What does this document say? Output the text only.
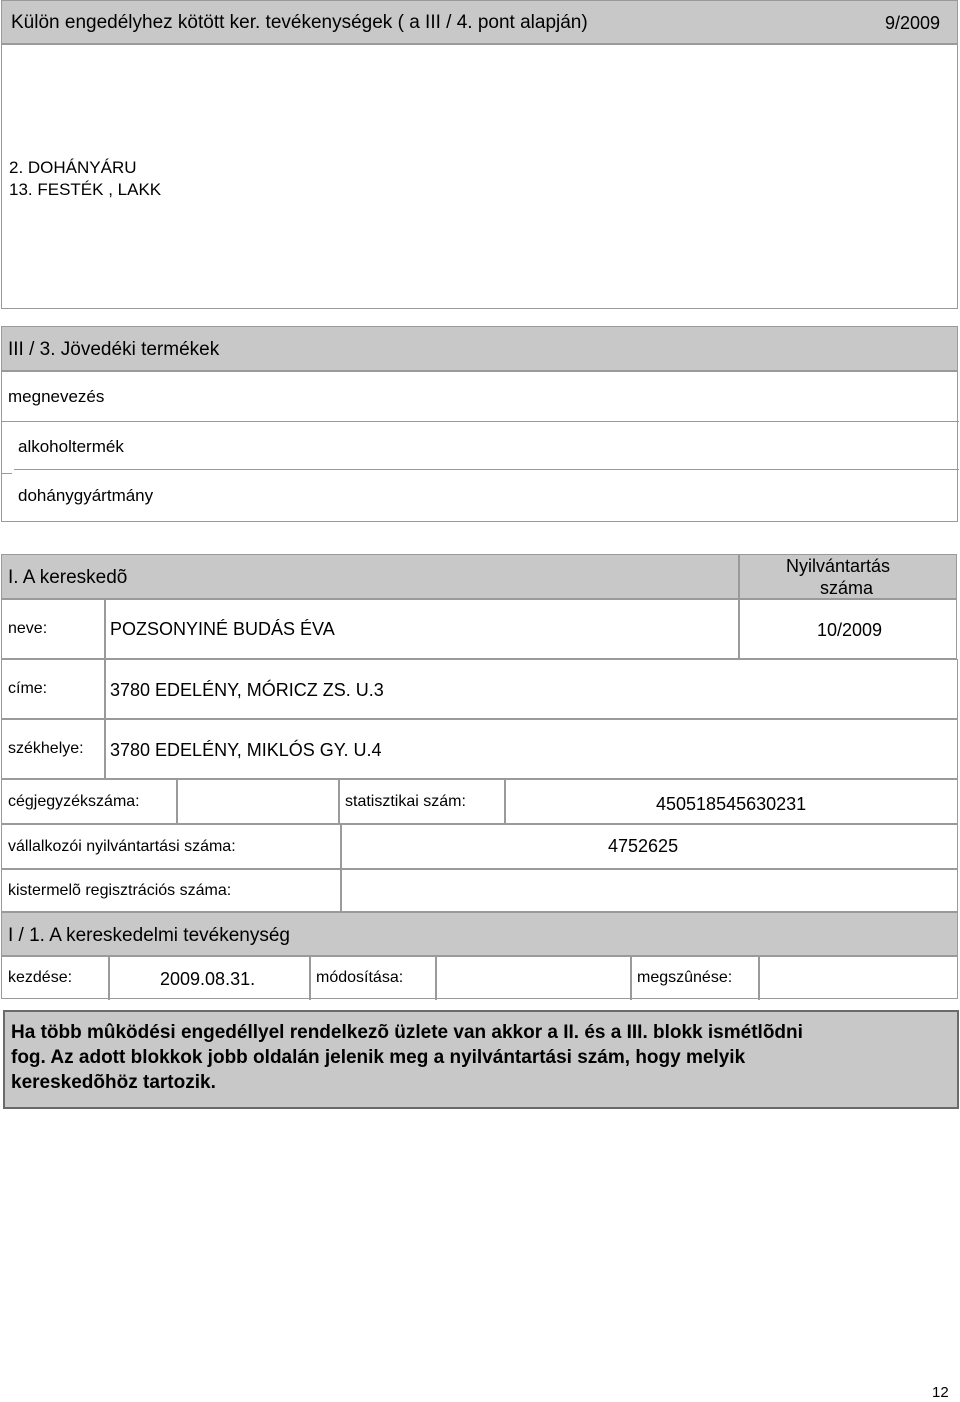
Külön engedélyhez kötött ker. tevékenységek ( a III / 4. pont alapján)	9/2009
2. DOHÁNYÁRU
13. FESTÉK , LAKK
III / 3. Jövedéki termékek
megnevezés
alkoholtermék
dohánygyártmány
I. A kereskedõ
Nyilvántartás
száma
neve:	POZSONYINÉ BUDÁS ÉVA	10/2009
címe:	3780 EDELÉNY, MÓRICZ ZS. U.3
székhelye: 3780 EDELÉNY, MIKLÓS GY. U.4
cégjegyzékszáma:	statisztikai szám:	450518545630231
vállalkozói nyilvántartási száma:	4752625
kistermelõ regisztrációs száma:
I / 1. A kereskedelmi tevékenység
kezdése:	2009.08.31.	módosítása:	megszûnése:
Ha több mûködési engedéllyel rendelkezõ üzlete van akkor a II. és a III. blokk ismétlõdni
fog. Az adott blokkok jobb oldalán jelenik meg a nyilvántartási szám, hogy melyik
kereskedõhöz tartozik.
12
